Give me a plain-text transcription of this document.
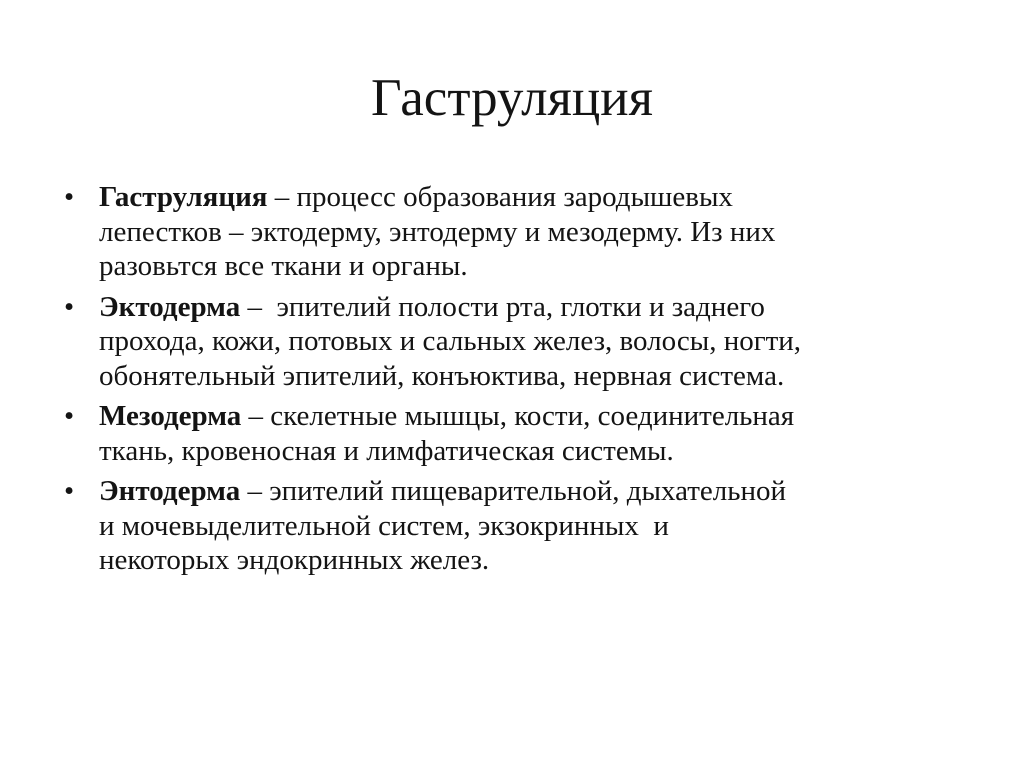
Гаструляция
• Гаструляция – процесс образования зародышевых
лепестков – эктодерму, энтодерму и мезодерму. Из них
разовьтся все ткани и органы.
• Эктодерма –  эпителий полости рта, глотки и заднего
прохода, кожи, потовых и сальных желез, волосы, ногти,
обонятельный эпителий, конъюктива, нервная система.
• Мезодерма – скелетные мышцы, кости, соединительная
ткань, кровеносная и лимфатическая системы.
• Энтодерма – эпителий пищеварительной, дыхательной
и мочевыделительной систем, экзокринных  и
некоторых эндокринных желез.
